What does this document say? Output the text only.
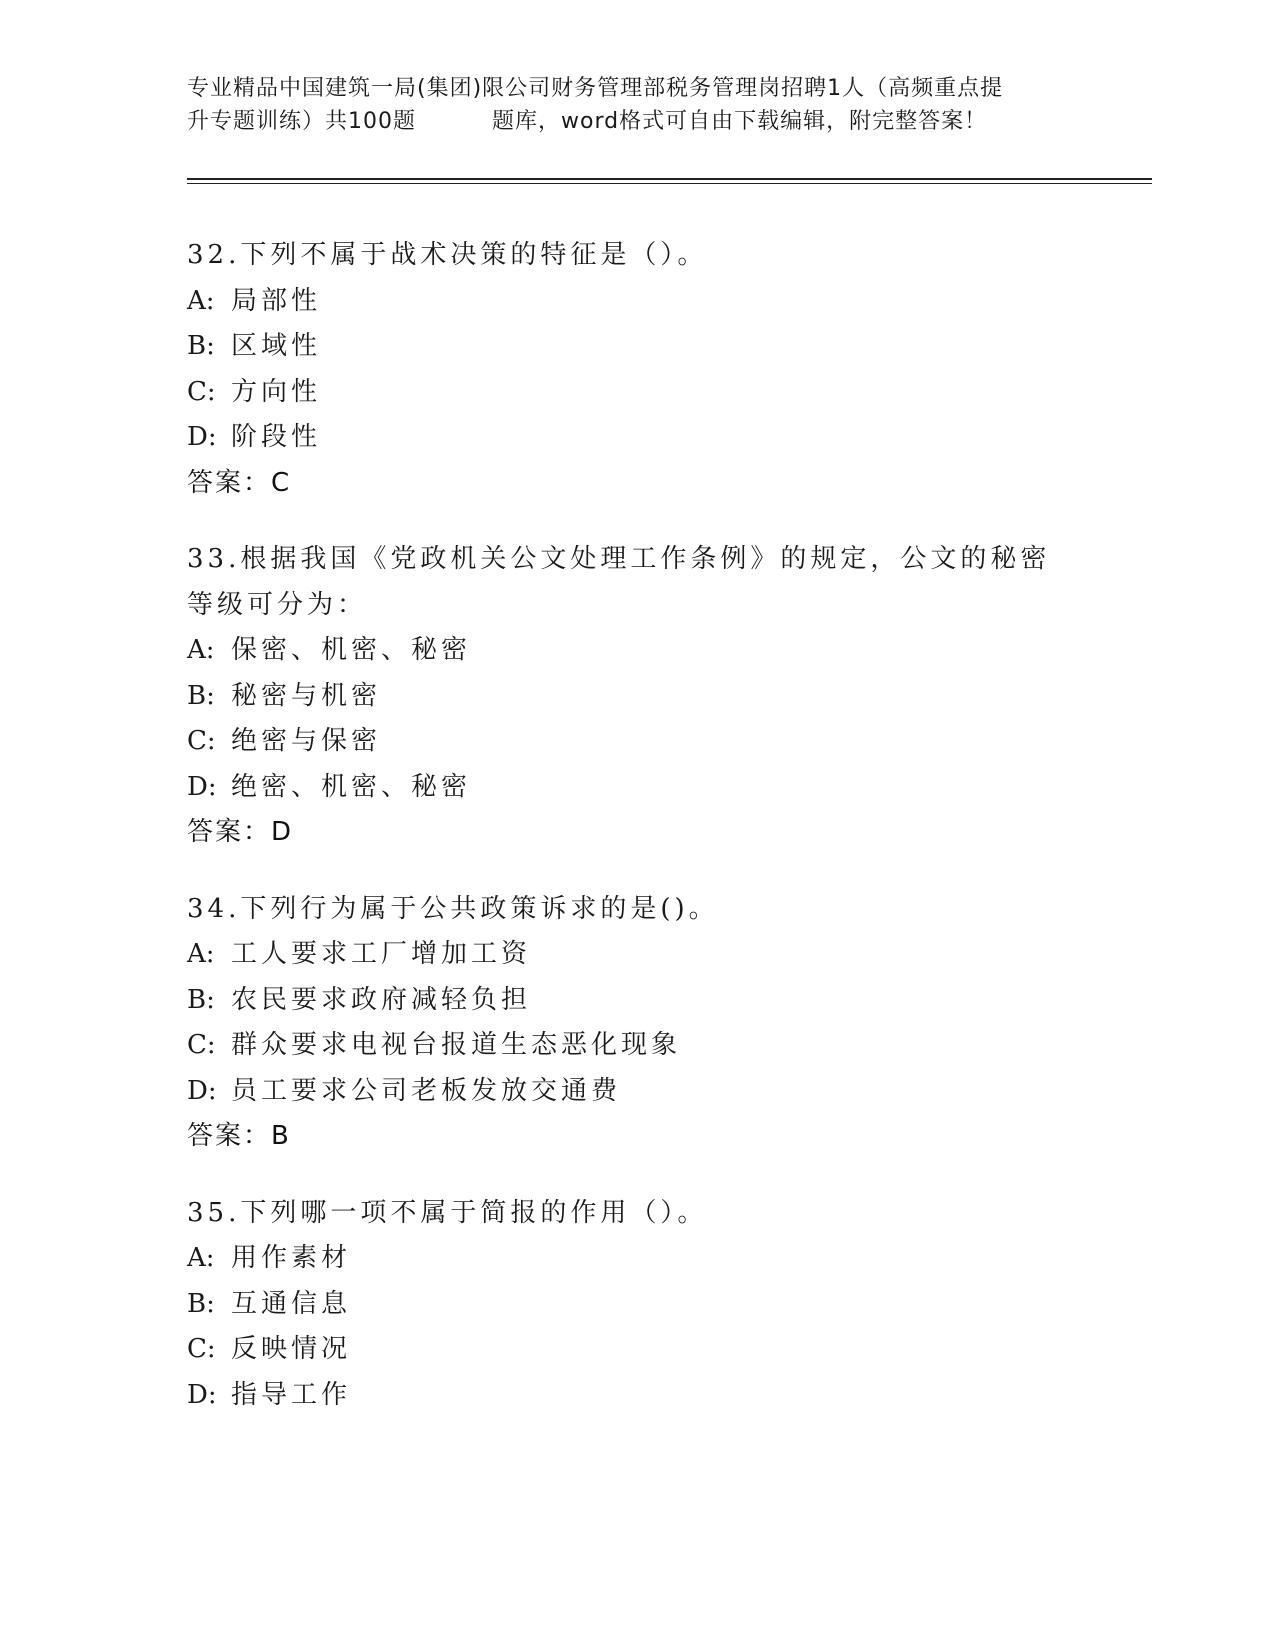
专业精品中国建筑一局(集团)限公司财务管理部税务管理岗招聘1人（高频重点提
升专题训练）共100题	题库，word格式可自由下载编辑，附完整答案！

32.下列不属于战术决策的特征是（）。

A: 局部性

B: 区域性

C: 方向性

D: 阶段性

答案：C

33.根据我国《党政机关公文处理工作条例》的规定，公文的秘密等级可分为：

A: 保密、机密、秘密

B: 秘密与机密

C: 绝密与保密

D: 绝密、机密、秘密

答案：D

34.下列行为属于公共政策诉求的是()。

A: 工人要求工厂增加工资

B: 农民要求政府减轻负担

C: 群众要求电视台报道生态恶化现象

D: 员工要求公司老板发放交通费

答案：B

35.下列哪一项不属于简报的作用（）。

A: 用作素材

B: 互通信息

C: 反映情况

D: 指导工作
